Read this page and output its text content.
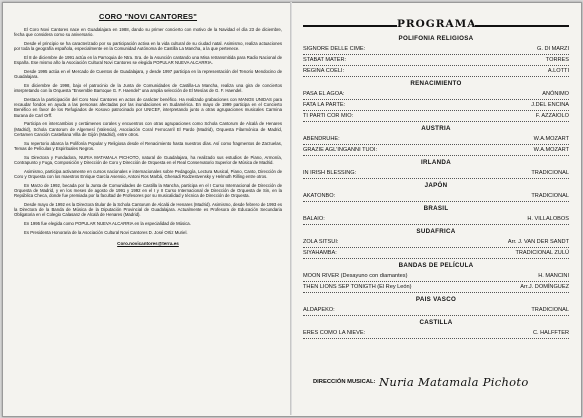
CORO "NOVI CANTORES"

El Coro Novi Cantores nace en Guadalajara en 1988, dando su primer concierto con motivo de la Navidad el día 23 de diciembre, fecha que considera como su aniversario.

Desde el principio se ha caracterizado por su participación activa en la vida cultural de su ciudad natal. Asimismo, realiza actuaciones por toda la geografía española, especialmente en la Comunidad Autónoma de Castilla La Mancha, a la que pertenece.

El 8 de diciembre de 1991 actúa en la Parroquia de Ntra. Sra. de la Asunción cantando una Misa retransmitida para Radio Nacional de España. Ese mismo año la Asociación Cultural Novi Cantores se elegida POPULAR NUEVA ALCARRIA.

Desde 1995 actúa en el Mercado de Cuentos de Guadalajara, y desde 1997 participa en la representación del Tenorio Mendocino de Guadalajara.

En diciembre de 1998, bajo el patrocinio de la Junta de Comunidades de Castilla-La Mancha, realiza una gira de conciertos interpretando con la Orquesta "Ensemble Barroque G. F. Haendel" una amplia selección de El Mesías de G. F. Haendel.

Destaca la participación del Coro Novi Cantores en actos de carácter benéfico. Ha realizado grabaciones con MANOS UNIDAS para recaudar fondos en ayuda a las personas afectadas por las inundaciones en Sudamérica. En mayo de 1999 participa en el Concierto Benéfico en favor de los Refugiados de Kosovo patrocinado por UNICEF, interpretando junto a otras agrupaciones musicales Carmina Burana de Carl Orff.

Participa en intercambios y certámenes corales y encuentros con otras agrupaciones como Schola Cantorum de Alcalá de Henares (Madrid), Schola Cantorum de Algemesí (Valencia), Asociación Coral Ferrocarril El Pardo (Madrid), Orquesta Filarmónica de Madrid, Certamen Canción Castellana Villa de Gijón (Madrid), entre otros.

Su repertorio abarca la Polifonía Popular y Religiosa desde el Renacimiento hasta nuestros días. Así como fragmentos de Zarzuelas, Temas de Películas y Espirituales Negros.

Su Directora y Fundadora, NURIA MATAMALA PICHOTO, natural de Guadalajara, ha realizado sus estudios de Piano, Armonía, Contrapunto y Fuga, Composición y Dirección de Coro y Dirección de Orquesta en el Real Conservatorio Superior de Música de Madrid.

Asimismo, participa activamente en cursos nacionales e internacionales sobre Pedagogía, Lectura Musical, Piano, Canto, Dirección de Coro y Orquesta con los maestros Enrique García Asensio, Antoni Ros Marbá, Ghenadi Rodzestvensky y Helmuth Rilling entre otros.

En Marzo de 1992, becada por la Junta de Comunidades de Castilla la Mancha, participa en el I Curso Internacional de Dirección de Orquesta de Madrid, y en los meses de agosto de 1991 y 1992 en el I y II Curso Internacional de Dirección de Orquesta de Sin, en la República Checa, donde fue premiada por la facultad de Profesores por su musicalidad y técnica de Dirección de Orquesta.

Desde mayo de 1992 es la Directora titular de la Schola Cantorum de Alcalá de Henares (Madrid). Asimismo, desde febrero de 1993 es la Directora de la Banda de Música de la Diputación Provincial de Guadalajara. Actualmente es Profesora de Educación Secundaria Obligatoria en el Colegio Calasanz de Alcalá de Henares (Madrid).

En 1995 fue elegida como POPULAR NUEVA ALCARRIA en la especialidad de Música.

Es Presidenta Honoraria de la Asociación Cultural Novi Cantores D. José Ortiz Muriel.

Coro.novicantores@terra.es
PROGRAMA
POLIFONIA RELIGIOSA
SIGNORE DELLE CIME:	G. DI MARZI
STABAT MATER:	TORRES
REGINA COELI:	A.LOTTI
RENACIMIENTO
PASA EL AGOA:	ANÓNIMO
FATA LA PARTE:	J.DEL ENCINA
TI PARTI COR MIO:	F. AZZAIOLO
AUSTRIA
ABENDRUHE:	W.A.MOZART
GRAZIE AGL'INGANNI TUOI:	W.A.MOZART
IRLANDA
IN IRISH BLESSING:	TRADICIONAL
JAPÓN
AKATONBO:	TRADICIONAL
BRASIL
BALAIO:	H. VILLALOBOS
SUDAFRICA
ZOLA SITSUI:	Arr. J. VAN DER SANDT
SIYAHAMBA:	TRADICIONAL ZULÚ
BANDAS DE PELÍCULA
MOON RIVER (Desayuno con diamantes)	H. MANCINI
THEN LIONS SEP TONIGTH (El Rey León)	Arr.J. DOMÍNGUEZ
PAIS VASCO
ALDAPEKO:	TRADICIONAL
CASTILLA
ERES COMO LA NIEVE:	C. HALFFTER
DIRECCIÓN MUSICAL: Nuria Matamala Pichoto
